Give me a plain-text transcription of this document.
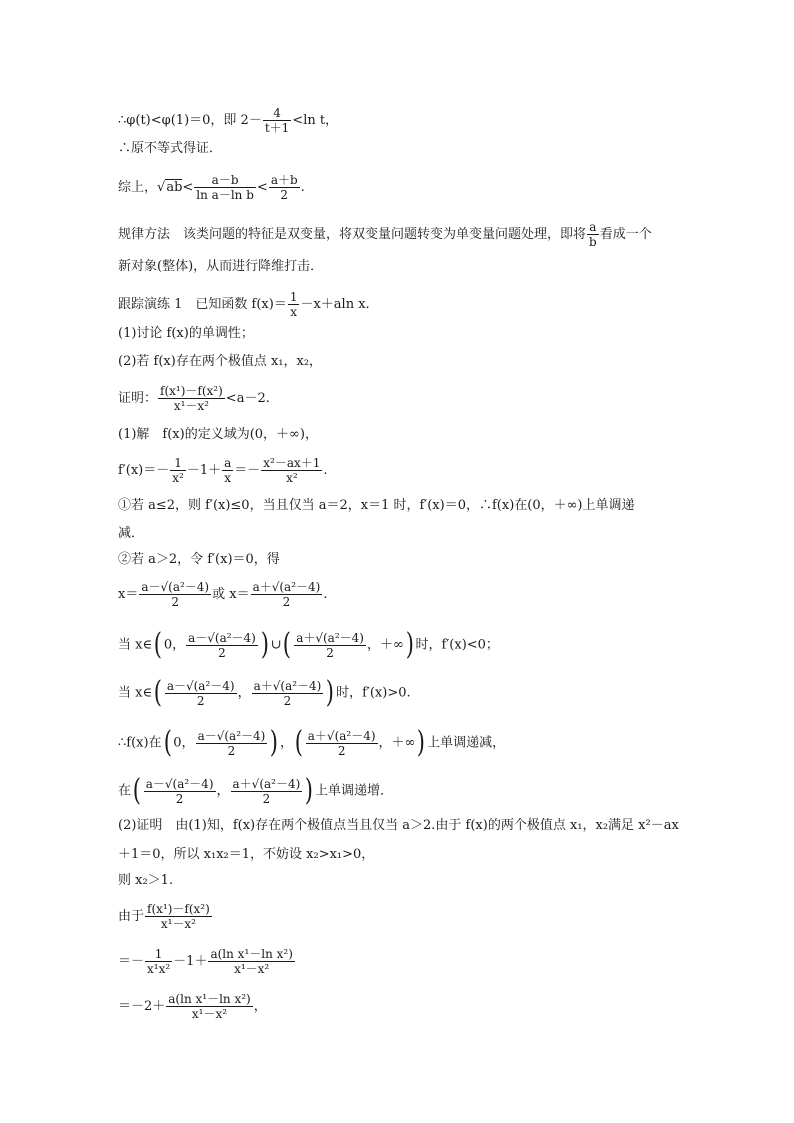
∴φ(t)<φ(1)＝0，即 $2- \frac{4}{t+1} <\ln$ t，
∴原不等式得证．
综上，$√ab< \frac{a-b}{\text{ln a－ln b}} < \frac{a+b}{2}$ .
规律方法　该类问题的特征是双变量，将双变量问题转变为单变量问题处理，即将 $\frac{a}{b}$ 看成一个
新对象(整体)，从而进行降维打击．
跟踪演练 1　已知函数 $f(x)= \frac{1}{x} -x+aln$ x.
(1)讨论 f(x)的单调性；
(2)若 f(x)存在两个极值点 x₁，x₂，
证明： $\frac{\text{f(x¹)－f(x²)}}{\text{x¹－x²}} <a-2$.
(1)解　f(x)的定义域为(0，＋∞)，
$f'(x)=- \frac{1}{\text{x²}} -1+ \frac{a}{x} =- \frac{\text{x²－ax＋1}}{\text{x²}}$ .
①若 a≤2，则 f′(x)≤0，当且仅当 a＝2，x＝1 时，f′(x)＝0，∴f(x)在(0，＋∞)上单调递
减．
②若 a＞2，令 f′(x)＝0，得
$x= \frac{\text{a－√(a²－4)}}{2}$ 或 $x= \frac{\text{a＋√(a²－4)}}{2}$ .
当 x∈( 0， $\frac{\text{a－√(a²－4)}}{2}$ ) ∪( $\frac{\text{a＋√(a²－4)}}{2}$ ，＋∞) 时，f′(x)<0；
当 x∈( $\frac{\text{a－√(a²－4)}}{2}$ ， $\frac{\text{a＋√(a²－4)}}{2}$ ) 时，f′(x)>0.
∴f(x)在( 0， $\frac{\text{a－√(a²－4)}}{2}$ ) ，( $\frac{\text{a＋√(a²－4)}}{2}$ ，＋∞) 上单调递减，
在( $\frac{\text{a－√(a²－4)}}{2}$ ， $\frac{\text{a＋√(a²－4)}}{2}$ ) 上单调递增．
(2)证明　由(1)知，f(x)存在两个极值点当且仅当 a＞2.由于 f(x)的两个极值点 x₁，x₂满足 x²－ax
＋1＝0，所以 x₁x₂＝1，不妨设 x₂>x₁>0，
则 x₂＞1.
由于 $\frac{\text{f(x¹)－f(x²)}}{\text{x¹－x²}}$
＝－ $\frac{1}{\text{x¹x²}} -1+ \frac{\text{a(ln x¹－ln x²)}}{\text{x¹－x²}}$
$=-2+ \frac{\text{a(ln x¹－ln x²)}}{\text{x¹－x²}}$ ，
